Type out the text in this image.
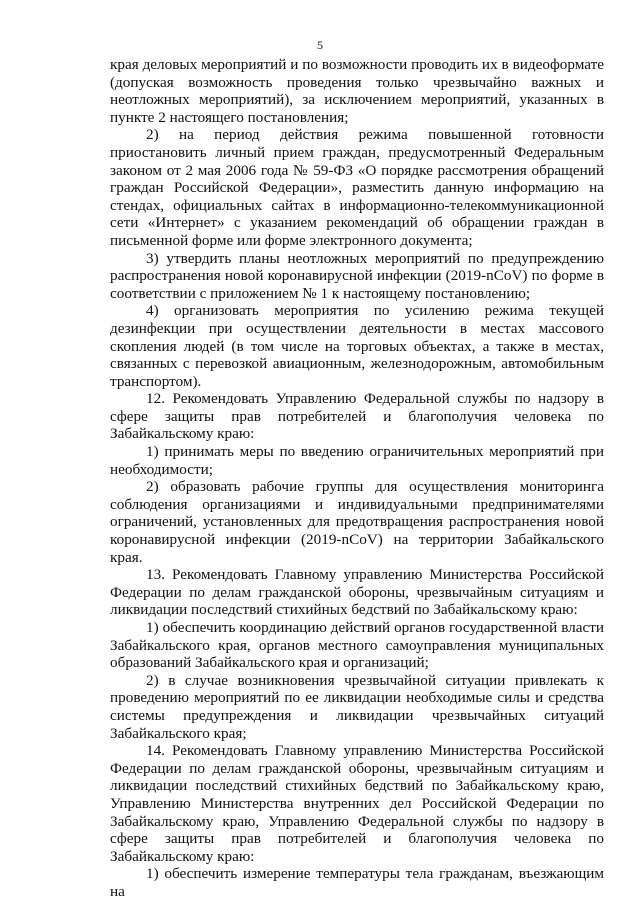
5

края деловых мероприятий и по возможности проводить их в видеоформате (допуская возможность проведения только чрезвычайно важных и неотложных мероприятий), за исключением мероприятий, указанных в пункте 2 настоящего постановления;

2) на период действия режима повышенной готовности приостановить личный прием граждан, предусмотренный Федеральным законом от 2 мая 2006 года № 59-ФЗ «О порядке рассмотрения обращений граждан Российской Федерации», разместить данную информацию на стендах, официальных сайтах в информационно-телекоммуникационной сети «Интернет» с указанием рекомендаций об обращении граждан в письменной форме или форме электронного документа;

3) утвердить планы неотложных мероприятий по предупреждению распространения новой коронавирусной инфекции (2019-nCoV) по форме в соответствии с приложением № 1 к настоящему постановлению;

4) организовать мероприятия по усилению режима текущей дезинфекции при осуществлении деятельности в местах массового скопления людей (в том числе на торговых объектах, а также в местах, связанных с перевозкой авиационным, железнодорожным, автомобильным транспортом).

12. Рекомендовать Управлению Федеральной службы по надзору в сфере защиты прав потребителей и благополучия человека по Забайкальскому краю:

1) принимать меры по введению ограничительных мероприятий при необходимости;

2) образовать рабочие группы для осуществления мониторинга соблюдения организациями и индивидуальными предпринимателями ограничений, установленных для предотвращения распространения новой коронавирусной инфекции (2019-nCoV) на территории Забайкальского края.

13. Рекомендовать Главному управлению Министерства Российской Федерации по делам гражданской обороны, чрезвычайным ситуациям и ликвидации последствий стихийных бедствий по Забайкальскому краю:

1) обеспечить координацию действий органов государственной власти Забайкальского края, органов местного самоуправления муниципальных образований Забайкальского края и организаций;

2) в случае возникновения чрезвычайной ситуации привлекать к проведению мероприятий по ее ликвидации необходимые силы и средства системы предупреждения и ликвидации чрезвычайных ситуаций Забайкальского края;

14. Рекомендовать Главному управлению Министерства Российской Федерации по делам гражданской обороны, чрезвычайным ситуациям и ликвидации последствий стихийных бедствий по Забайкальскому краю, Управлению Министерства внутренних дел Российской Федерации по Забайкальскому краю, Управлению Федеральной службы по надзору в сфере защиты прав потребителей и благополучия человека по Забайкальскому краю:

1) обеспечить измерение температуры тела гражданам, въезжающим на
